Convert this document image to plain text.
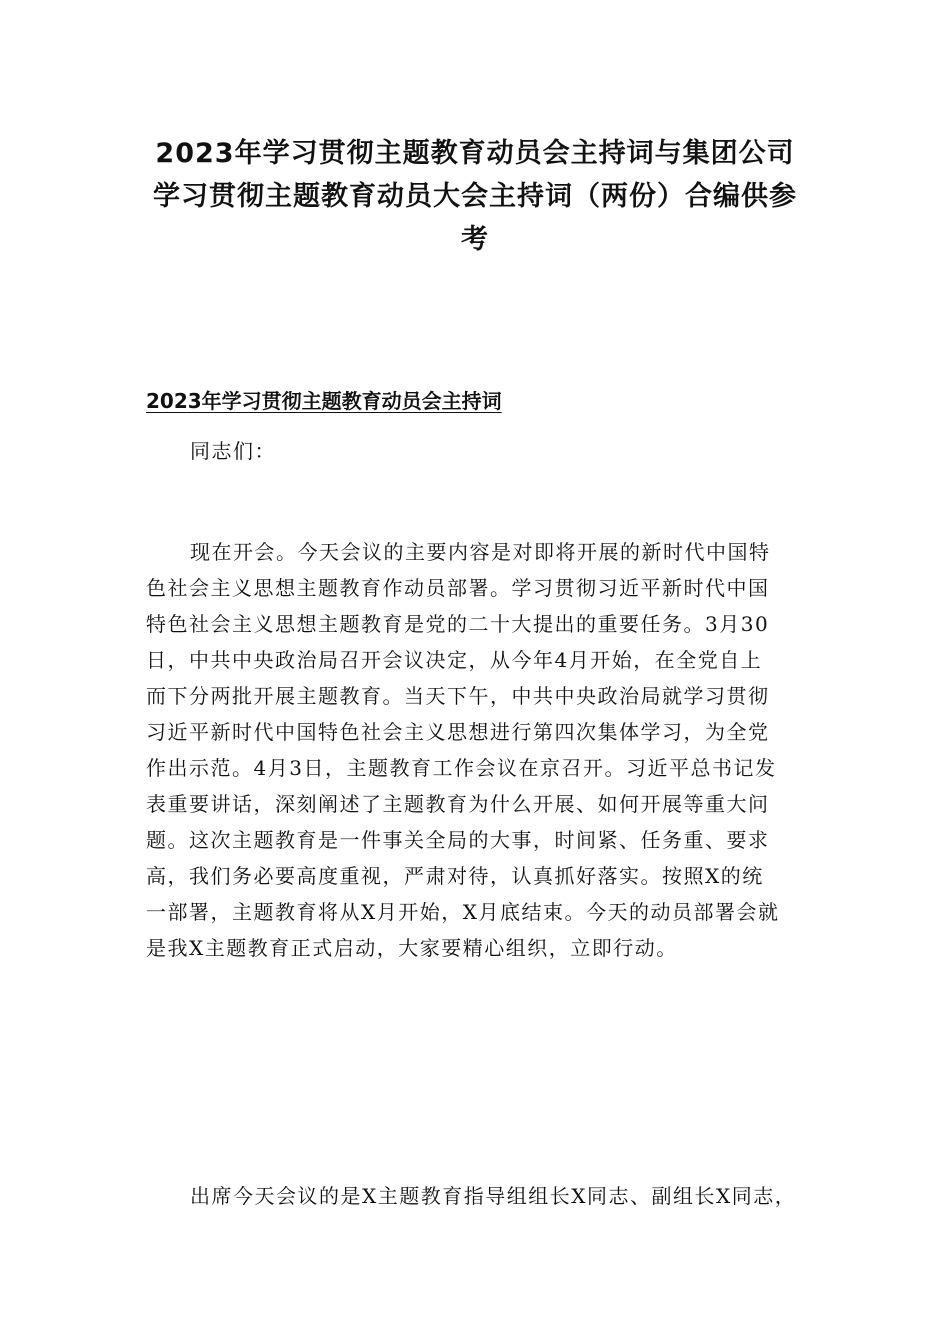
2023年学习贯彻主题教育动员会主持词与集团公司
学习贯彻主题教育动员大会主持词（两份）合编供参
考
2023年学习贯彻主题教育动员会主持词

同志们：

现在开会。今天会议的主要内容是对即将开展的新时代中国特
色社会主义思想主题教育作动员部署。学习贯彻习近平新时代中国
特色社会主义思想主题教育是党的二十大提出的重要任务。3月30
日，中共中央政治局召开会议决定，从今年4月开始，在全党自上
而下分两批开展主题教育。当天下午，中共中央政治局就学习贯彻
习近平新时代中国特色社会主义思想进行第四次集体学习，为全党
作出示范。4月3日，主题教育工作会议在京召开。习近平总书记发
表重要讲话，深刻阐述了主题教育为什么开展、如何开展等重大问
题。这次主题教育是一件事关全局的大事，时间紧、任务重、要求
高，我们务必要高度重视，严肃对待，认真抓好落实。按照X的统
一部署，主题教育将从X月开始，X月底结束。今天的动员部署会就
是我X主题教育正式启动，大家要精心组织，立即行动。

出席今天会议的是X主题教育指导组组长X同志、副组长X同志，
